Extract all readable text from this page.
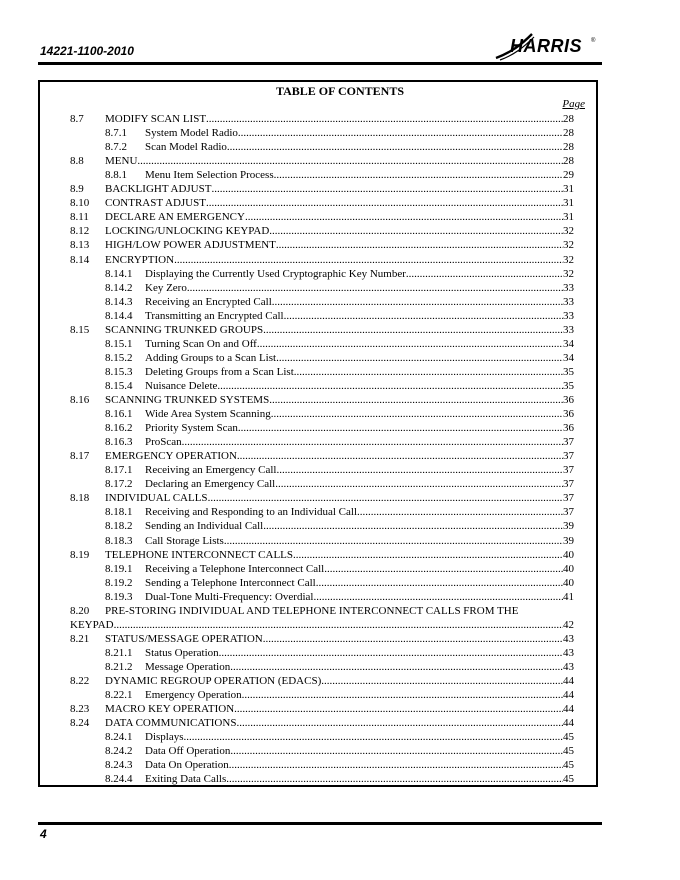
14221-1100-2010	HARRIS ®
TABLE OF CONTENTS
Page
8.7 MODIFY SCAN LIST .....	28
8.7.1 System Model Radio .....	28
8.7.2 Scan Model Radio .....	28
8.8 MENU .....	28
8.8.1 Menu Item Selection Process .....	29
8.9 BACKLIGHT ADJUST .....	31
8.10 CONTRAST ADJUST .....	31
8.11 DECLARE AN EMERGENCY .....	31
8.12 LOCKING/UNLOCKING KEYPAD .....	32
8.13 HIGH/LOW POWER ADJUSTMENT .....	32
8.14 ENCRYPTION .....	32
8.14.1 Displaying the Currently Used Cryptographic Key Number .....	32
8.14.2 Key Zero .....	33
8.14.3 Receiving an Encrypted Call .....	33
8.14.4 Transmitting an Encrypted Call .....	33
8.15 SCANNING TRUNKED GROUPS .....	33
8.15.1 Turning Scan On and Off .....	34
8.15.2 Adding Groups to a Scan List .....	34
8.15.3 Deleting Groups from a Scan List .....	35
8.15.4 Nuisance Delete .....	35
8.16 SCANNING TRUNKED SYSTEMS .....	36
8.16.1 Wide Area System Scanning .....	36
8.16.2 Priority System Scan .....	36
8.16.3 ProScan .....	37
8.17 EMERGENCY OPERATION .....	37
8.17.1 Receiving an Emergency Call .....	37
8.17.2 Declaring an Emergency Call .....	37
8.18 INDIVIDUAL CALLS .....	37
8.18.1 Receiving and Responding to an Individual Call .....	37
8.18.2 Sending an Individual Call .....	39
8.18.3 Call Storage Lists .....	39
8.19 TELEPHONE INTERCONNECT CALLS .....	40
8.19.1 Receiving a Telephone Interconnect Call .....	40
8.19.2 Sending a Telephone Interconnect Call .....	40
8.19.3 Dual-Tone Multi-Frequency: Overdial .....	41
8.20 PRE-STORING INDIVIDUAL AND TELEPHONE INTERCONNECT CALLS FROM THE
KEYPAD .....	42
8.21 STATUS/MESSAGE OPERATION .....	43
8.21.1 Status Operation .....	43
8.21.2 Message Operation .....	43
8.22 DYNAMIC REGROUP OPERATION (EDACS) .....	44
8.22.1 Emergency Operation .....	44
8.23 MACRO KEY OPERATION .....	44
8.24 DATA COMMUNICATIONS .....	44
8.24.1 Displays .....	45
8.24.2 Data Off Operation .....	45
8.24.3 Data On Operation .....	45
8.24.4 Exiting Data Calls .....	45
4
